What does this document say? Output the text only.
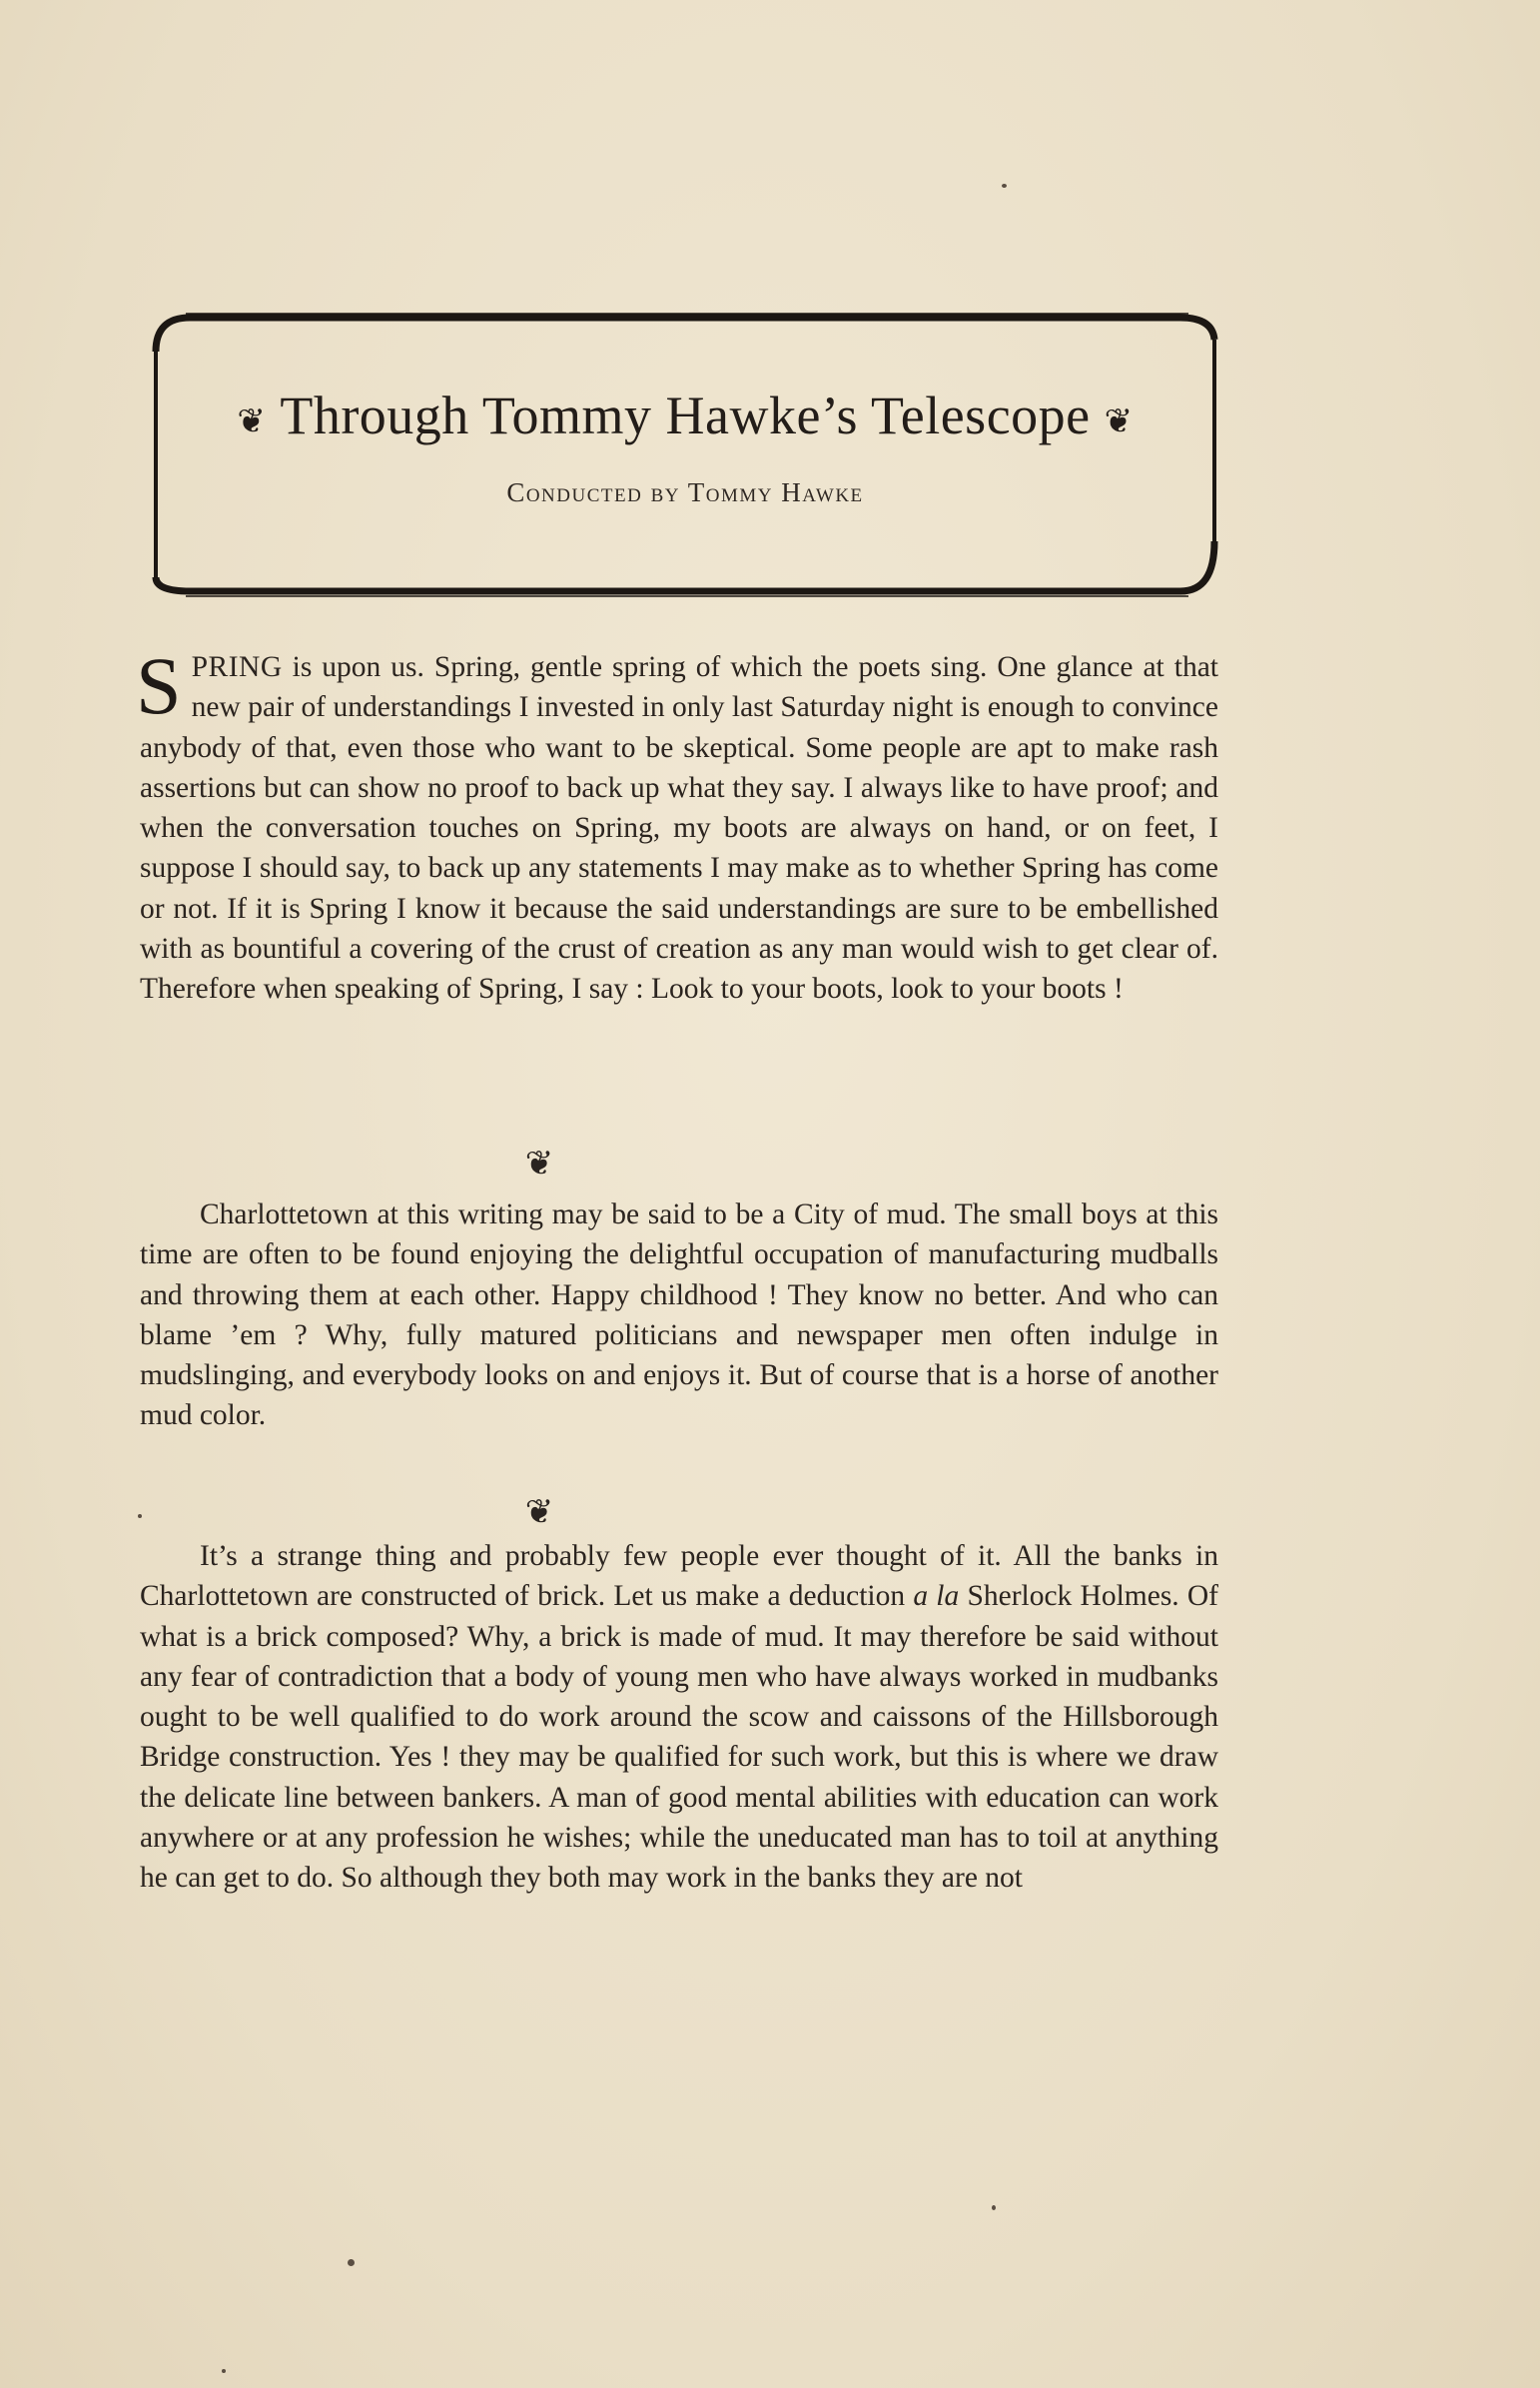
❦ Through Tommy Hawke’s Telescope ❦
Conducted by Tommy Hawke

SPRING is upon us. Spring, gentle spring of which the poets sing. One glance at that new pair of understandings I invested in only last Saturday night is enough to convince anybody of that, even those who want to be skeptical. Some people are apt to make rash assertions but can show no proof to back up what they say. I always like to have proof; and when the conversation touches on Spring, my boots are always on hand, or on feet, I suppose I should say, to back up any statements I may make as to whether Spring has come or not. If it is Spring I know it because the said understandings are sure to be embellished with as bountiful a covering of the crust of creation as any man would wish to get clear of. Therefore when speaking of Spring, I say : Look to your boots, look to your boots !

❦

Charlottetown at this writing may be said to be a City of mud. The small boys at this time are often to be found enjoying the delightful occupation of manufacturing mudballs and throwing them at each other. Happy childhood ! They know no better. And who can blame ’em ? Why, fully matured politicians and newspaper men often indulge in mudslinging, and everybody looks on and enjoys it. But of course that is a horse of another mud color.

❦

It’s a strange thing and probably few people ever thought of it. All the banks in Charlottetown are constructed of brick. Let us make a deduction a la Sherlock Holmes. Of what is a brick composed? Why, a brick is made of mud. It may therefore be said without any fear of contradiction that a body of young men who have always worked in mudbanks ought to be well qualified to do work around the scow and caissons of the Hillsborough Bridge construction. Yes ! they may be qualified for such work, but this is where we draw the delicate line between bankers. A man of good mental abilities with education can work anywhere or at any profession he wishes; while the uneducated man has to toil at anything he can get to do. So although they both may work in the banks they are not
